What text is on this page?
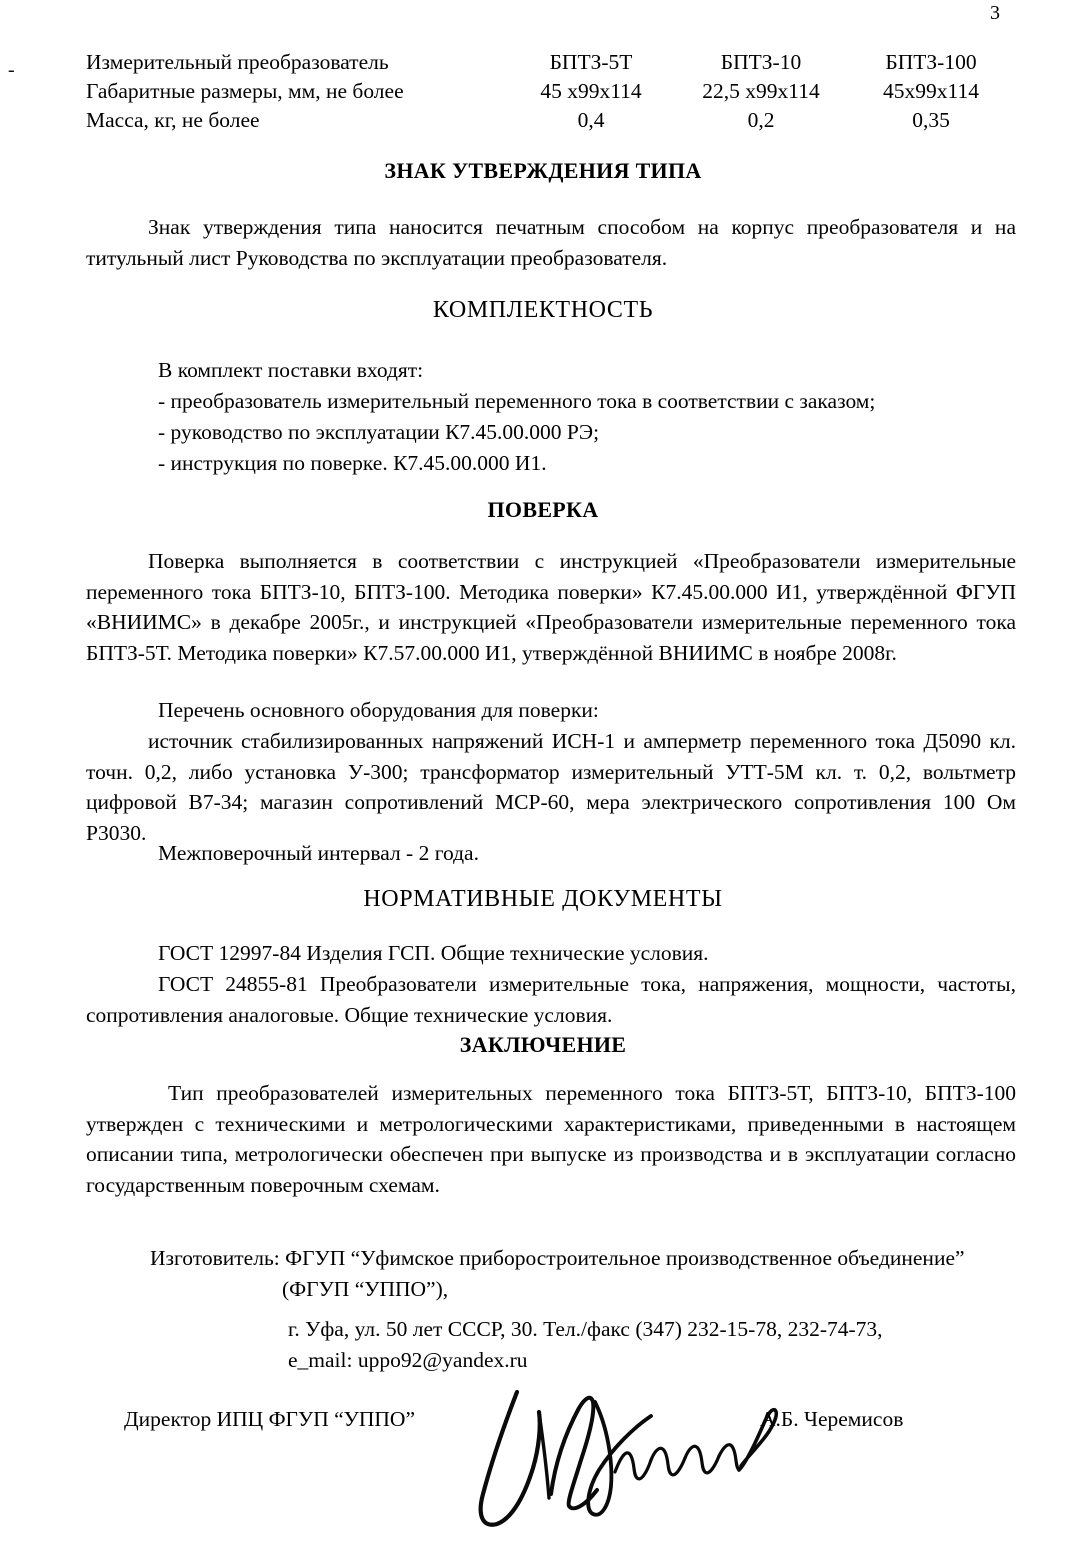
3
-	Измерительный преобразователь	БПТЗ-5Т	БПТЗ-10	БПТЗ-100
Габаритные размеры, мм, не более	45 х99х114	22,5 х99х114	45х99х114
Масса, кг, не более	0,4	0,2	0,35
ЗНАК УТВЕРЖДЕНИЯ ТИПА
Знак утверждения типа наносится печатным способом на корпус преобразователя и на титульный лист Руководства по эксплуатации преобразователя.
КОМПЛЕКТНОСТЬ
В комплект поставки входят:
- преобразователь измерительный переменного тока в соответствии с заказом;
- руководство по эксплуатации К7.45.00.000 РЭ;
- инструкция по поверке. К7.45.00.000 И1.
ПОВЕРКА
Поверка выполняется в соответствии с инструкцией «Преобразователи измерительные переменного тока БПТЗ-10, БПТЗ-100. Методика поверки» К7.45.00.000 И1, утверждённой ФГУП «ВНИИМС» в декабре 2005г., и инструкцией «Преобразователи измерительные переменного тока БПТЗ-5Т. Методика поверки» К7.57.00.000 И1, утверждённой ВНИИМС в ноябре 2008г.
Перечень основного оборудования для поверки:
источник стабилизированных напряжений ИСН-1 и амперметр переменного тока Д5090 кл. точн. 0,2, либо установка У-300; трансформатор измерительный УТТ-5М кл. т. 0,2, вольтметр цифровой В7-34; магазин сопротивлений МСР-60, мера электрического сопротивления 100 Ом Р3030.
Межповерочный интервал - 2 года.
НОРМАТИВНЫЕ ДОКУМЕНТЫ
ГОСТ 12997-84 Изделия ГСП. Общие технические условия.
ГОСТ 24855-81 Преобразователи измерительные тока, напряжения, мощности, частоты, сопротивления аналоговые. Общие технические условия.
ЗАКЛЮЧЕНИЕ
Тип преобразователей измерительных переменного тока БПТЗ-5Т, БПТЗ-10, БПТЗ-100 утвержден с техническими и метрологическими характеристиками, приведенными в настоящем описании типа, метрологически обеспечен при выпуске из производства и в эксплуатации согласно государственным поверочным схемам.
Изготовитель: ФГУП “Уфимское приборостроительное производственное объединение”
(ФГУП “УППО”),
г. Уфа, ул. 50 лет СССР, 30. Тел./факс (347) 232-15-78, 232-74-73,
e_mail: uppo92@yandex.ru
Директор ИПЦ ФГУП “УППО”	А.Б. Черемисов
